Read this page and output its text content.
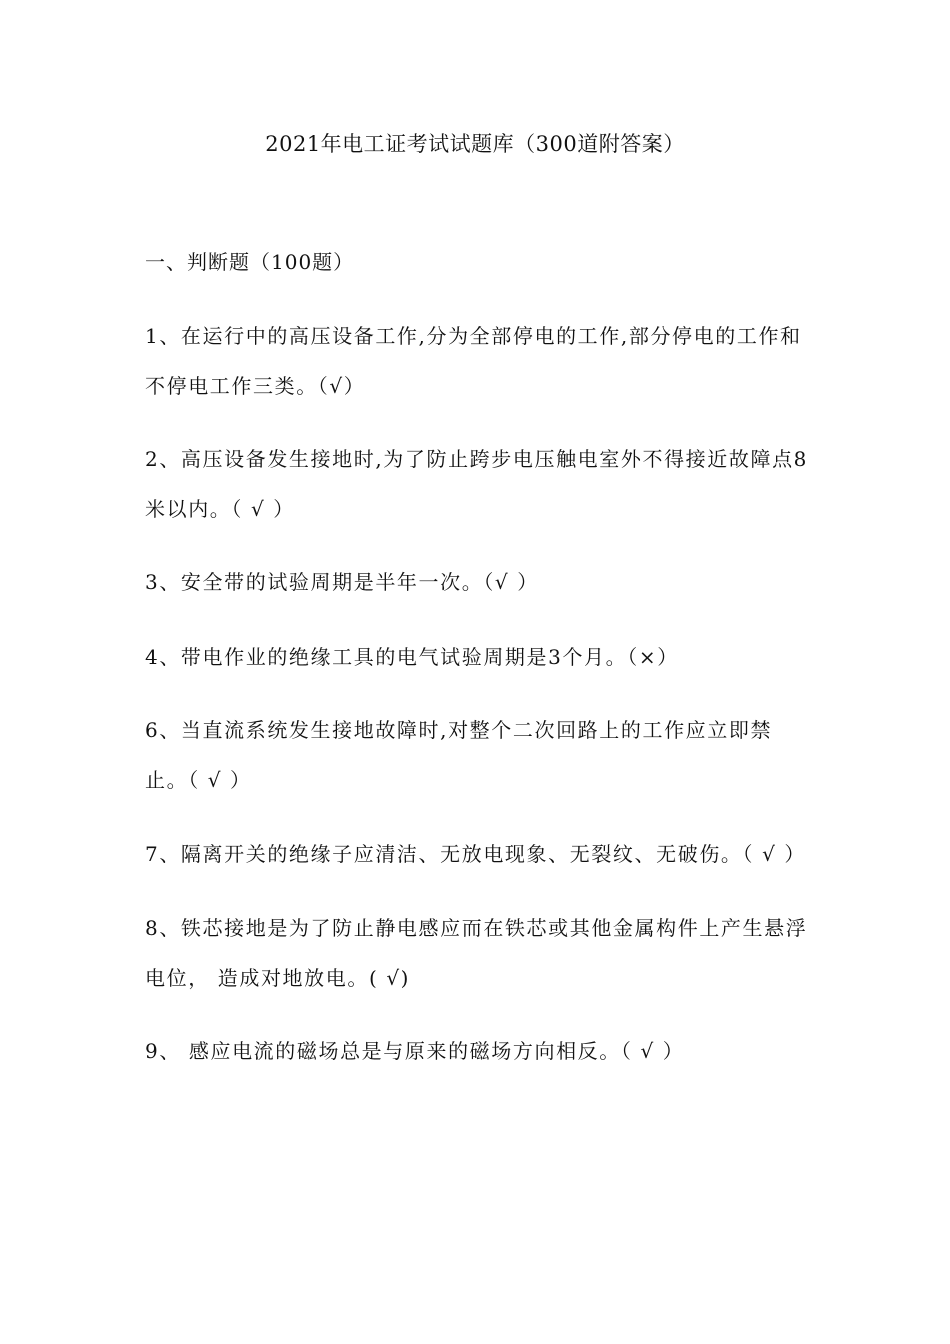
2021年电工证考试试题库（300道附答案）
一、判断题（100题）
1、在运行中的高压设备工作,分为全部停电的工作,部分停电的工作和不停电工作三类。（√）
2、高压设备发生接地时,为了防止跨步电压触电室外不得接近故障点8米以内。（ √ ）
3、安全带的试验周期是半年一次。（√ ）
4、带电作业的绝缘工具的电气试验周期是3个月。（×）
6、当直流系统发生接地故障时,对整个二次回路上的工作应立即禁止。（ √ ）
7、隔离开关的绝缘子应清洁、无放电现象、无裂纹、无破伤。（ √ ）
8、铁芯接地是为了防止静电感应而在铁芯或其他金属构件上产生悬浮电位， 造成对地放电。( √)
9、 感应电流的磁场总是与原来的磁场方向相反。（ √ ）
